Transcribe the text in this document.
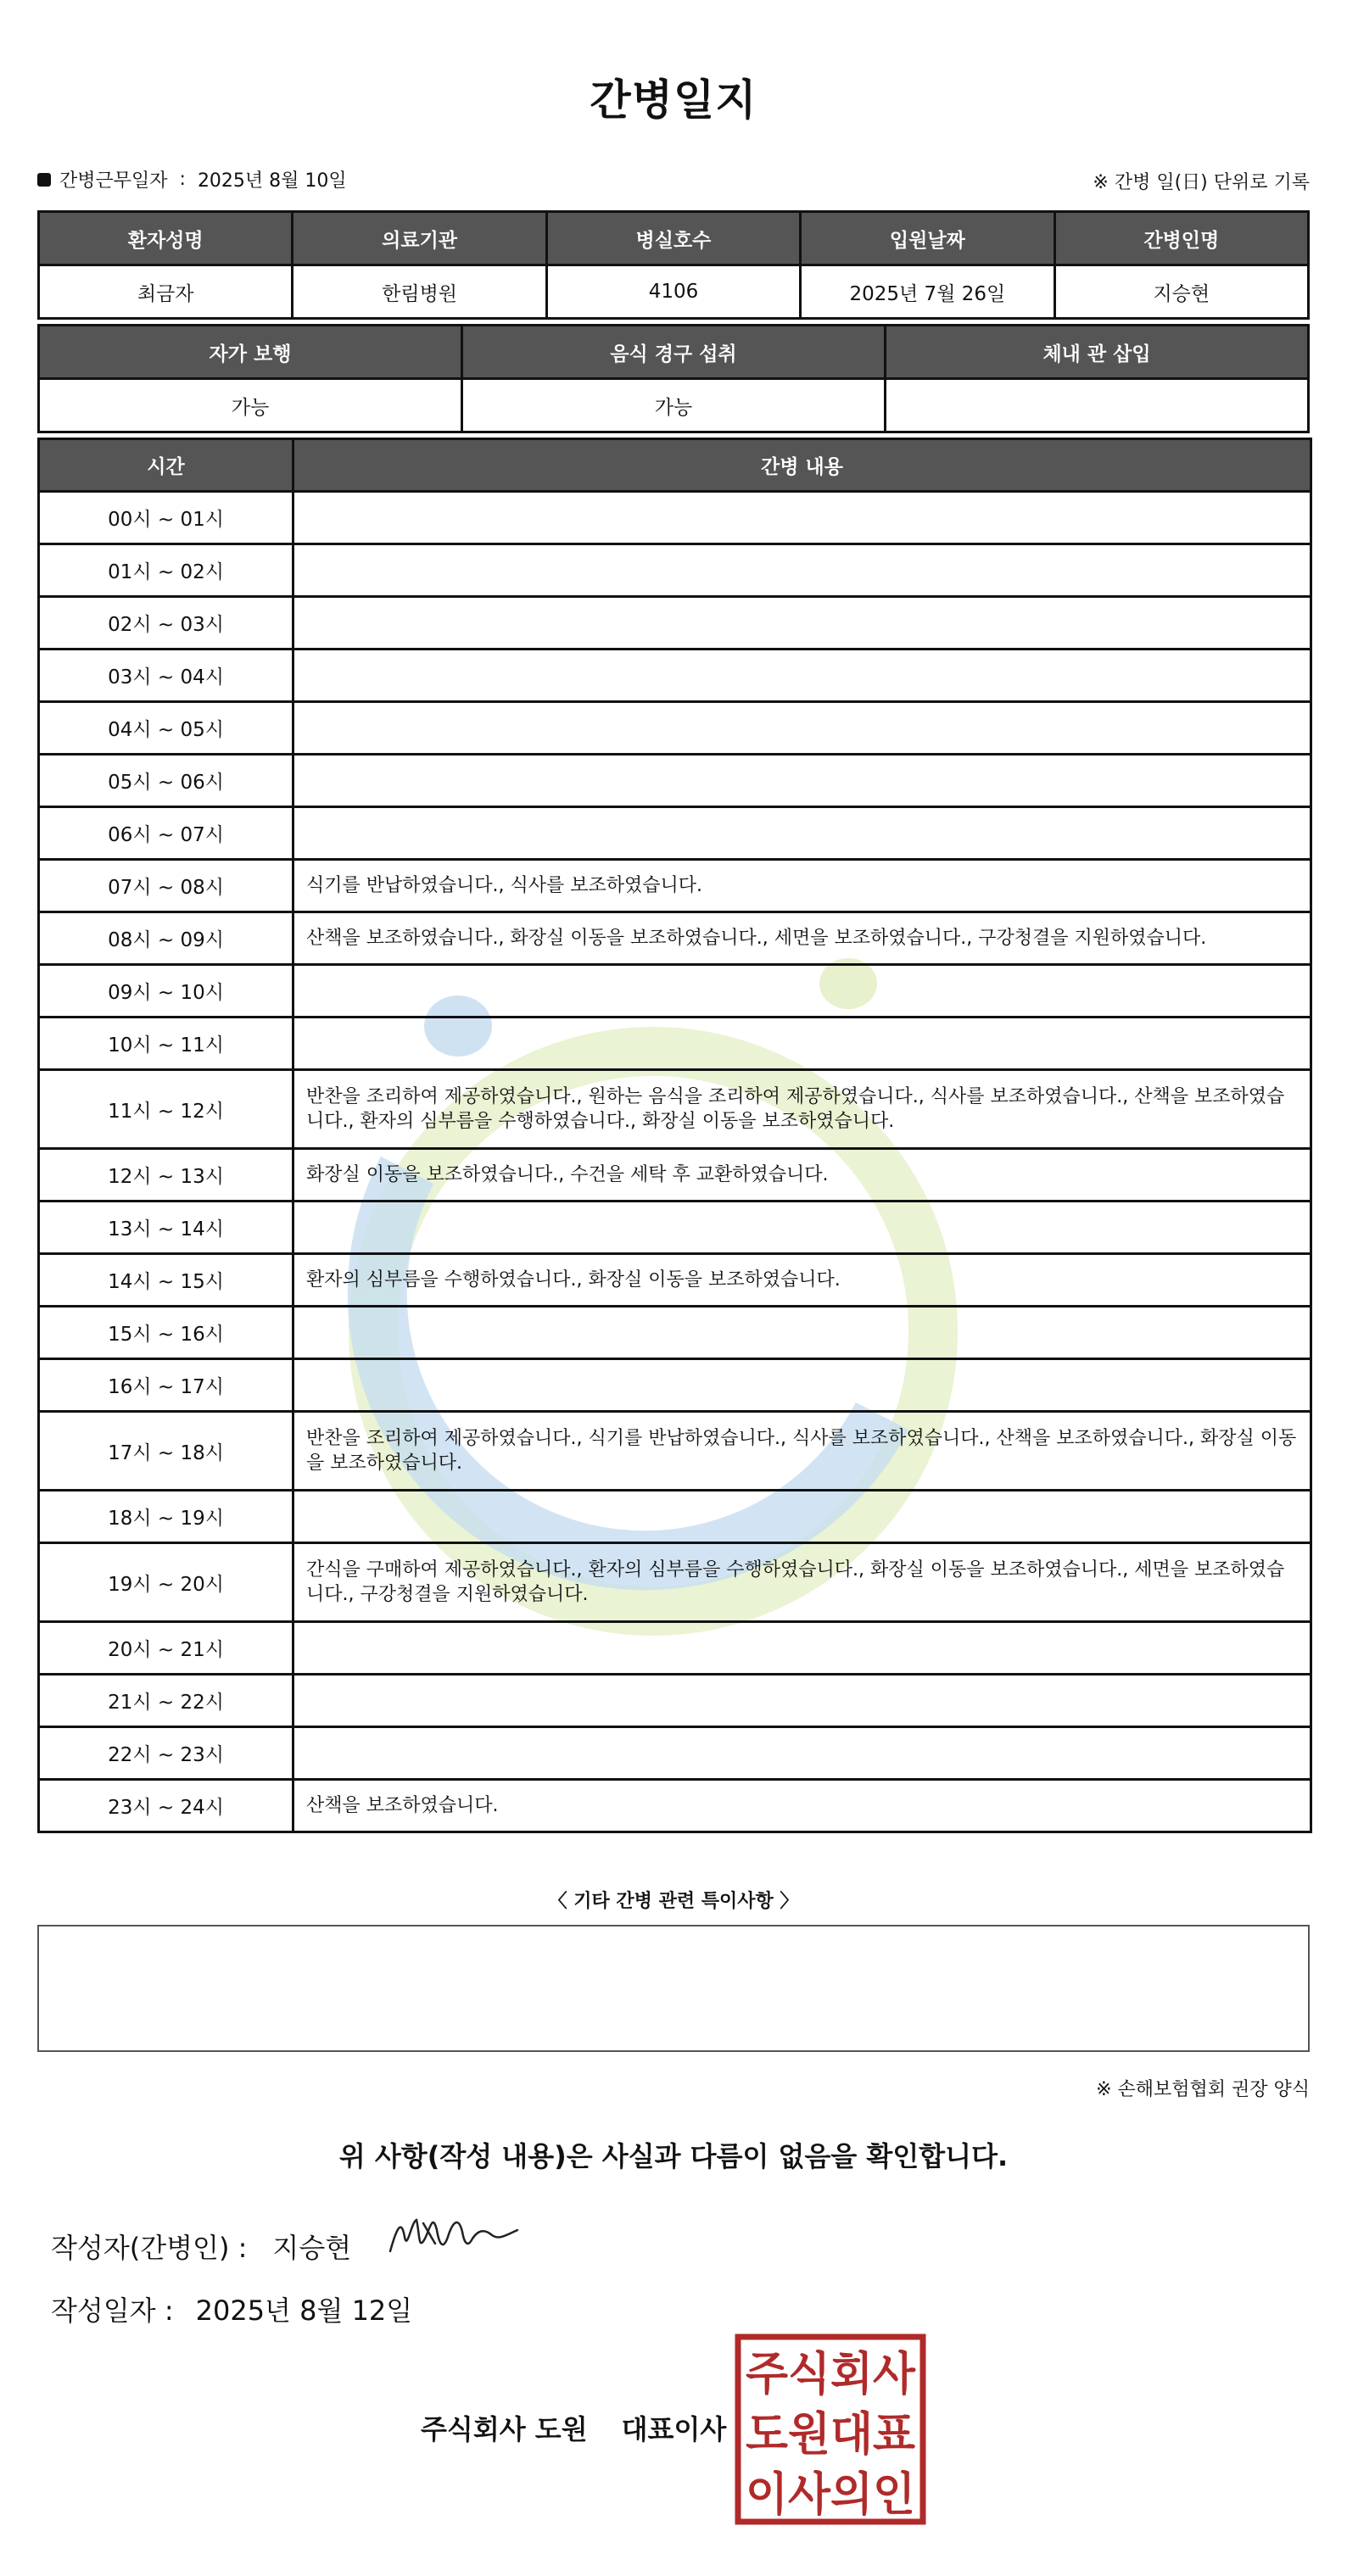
간병일지
간병근무일자 : 2025년 8월 10일	※ 간병 일(日) 단위로 기록
환자성명	의료기관	병실호수	입원날짜	간병인명
최금자	한림병원	4106	2025년 7월 26일	지승현
자가 보행	음식 경구 섭취	체내 관 삽입
가능	가능	
시간	간병 내용
00시 ~ 01시	
01시 ~ 02시	
02시 ~ 03시	
03시 ~ 04시	
04시 ~ 05시	
05시 ~ 06시	
06시 ~ 07시	
07시 ~ 08시	식기를 반납하였습니다., 식사를 보조하였습니다.
08시 ~ 09시	산책을 보조하였습니다., 화장실 이동을 보조하였습니다., 세면을 보조하였습니다., 구강청결을 지원하였습니다.
09시 ~ 10시	
10시 ~ 11시	
11시 ~ 12시	반찬을 조리하여 제공하였습니다., 원하는 음식을 조리하여 제공하였습니다., 식사를 보조하였습니다., 산책을 보조하였습니다., 환자의 심부름을 수행하였습니다., 화장실 이동을 보조하였습니다.
12시 ~ 13시	화장실 이동을 보조하였습니다., 수건을 세탁 후 교환하였습니다.
13시 ~ 14시	
14시 ~ 15시	환자의 심부름을 수행하였습니다., 화장실 이동을 보조하였습니다.
15시 ~ 16시	
16시 ~ 17시	
17시 ~ 18시	반찬을 조리하여 제공하였습니다., 식기를 반납하였습니다., 식사를 보조하였습니다., 산책을 보조하였습니다., 화장실 이동을 보조하였습니다.
18시 ~ 19시	
19시 ~ 20시	간식을 구매하여 제공하였습니다., 환자의 심부름을 수행하였습니다., 화장실 이동을 보조하였습니다., 세면을 보조하였습니다., 구강청결을 지원하였습니다.
20시 ~ 21시	
21시 ~ 22시	
22시 ~ 23시	
23시 ~ 24시	산책을 보조하였습니다.
〈 기타 간병 관련 특이사항 〉
※ 손해보험협회 권장 양식
위 사항(작성 내용)은 사실과 다름이 없음을 확인합니다.
작성자(간병인) : 지승현
작성일자 : 2025년 8월 12일
주식회사 도원 대표이사
주식회사
도원대표
이사의인
